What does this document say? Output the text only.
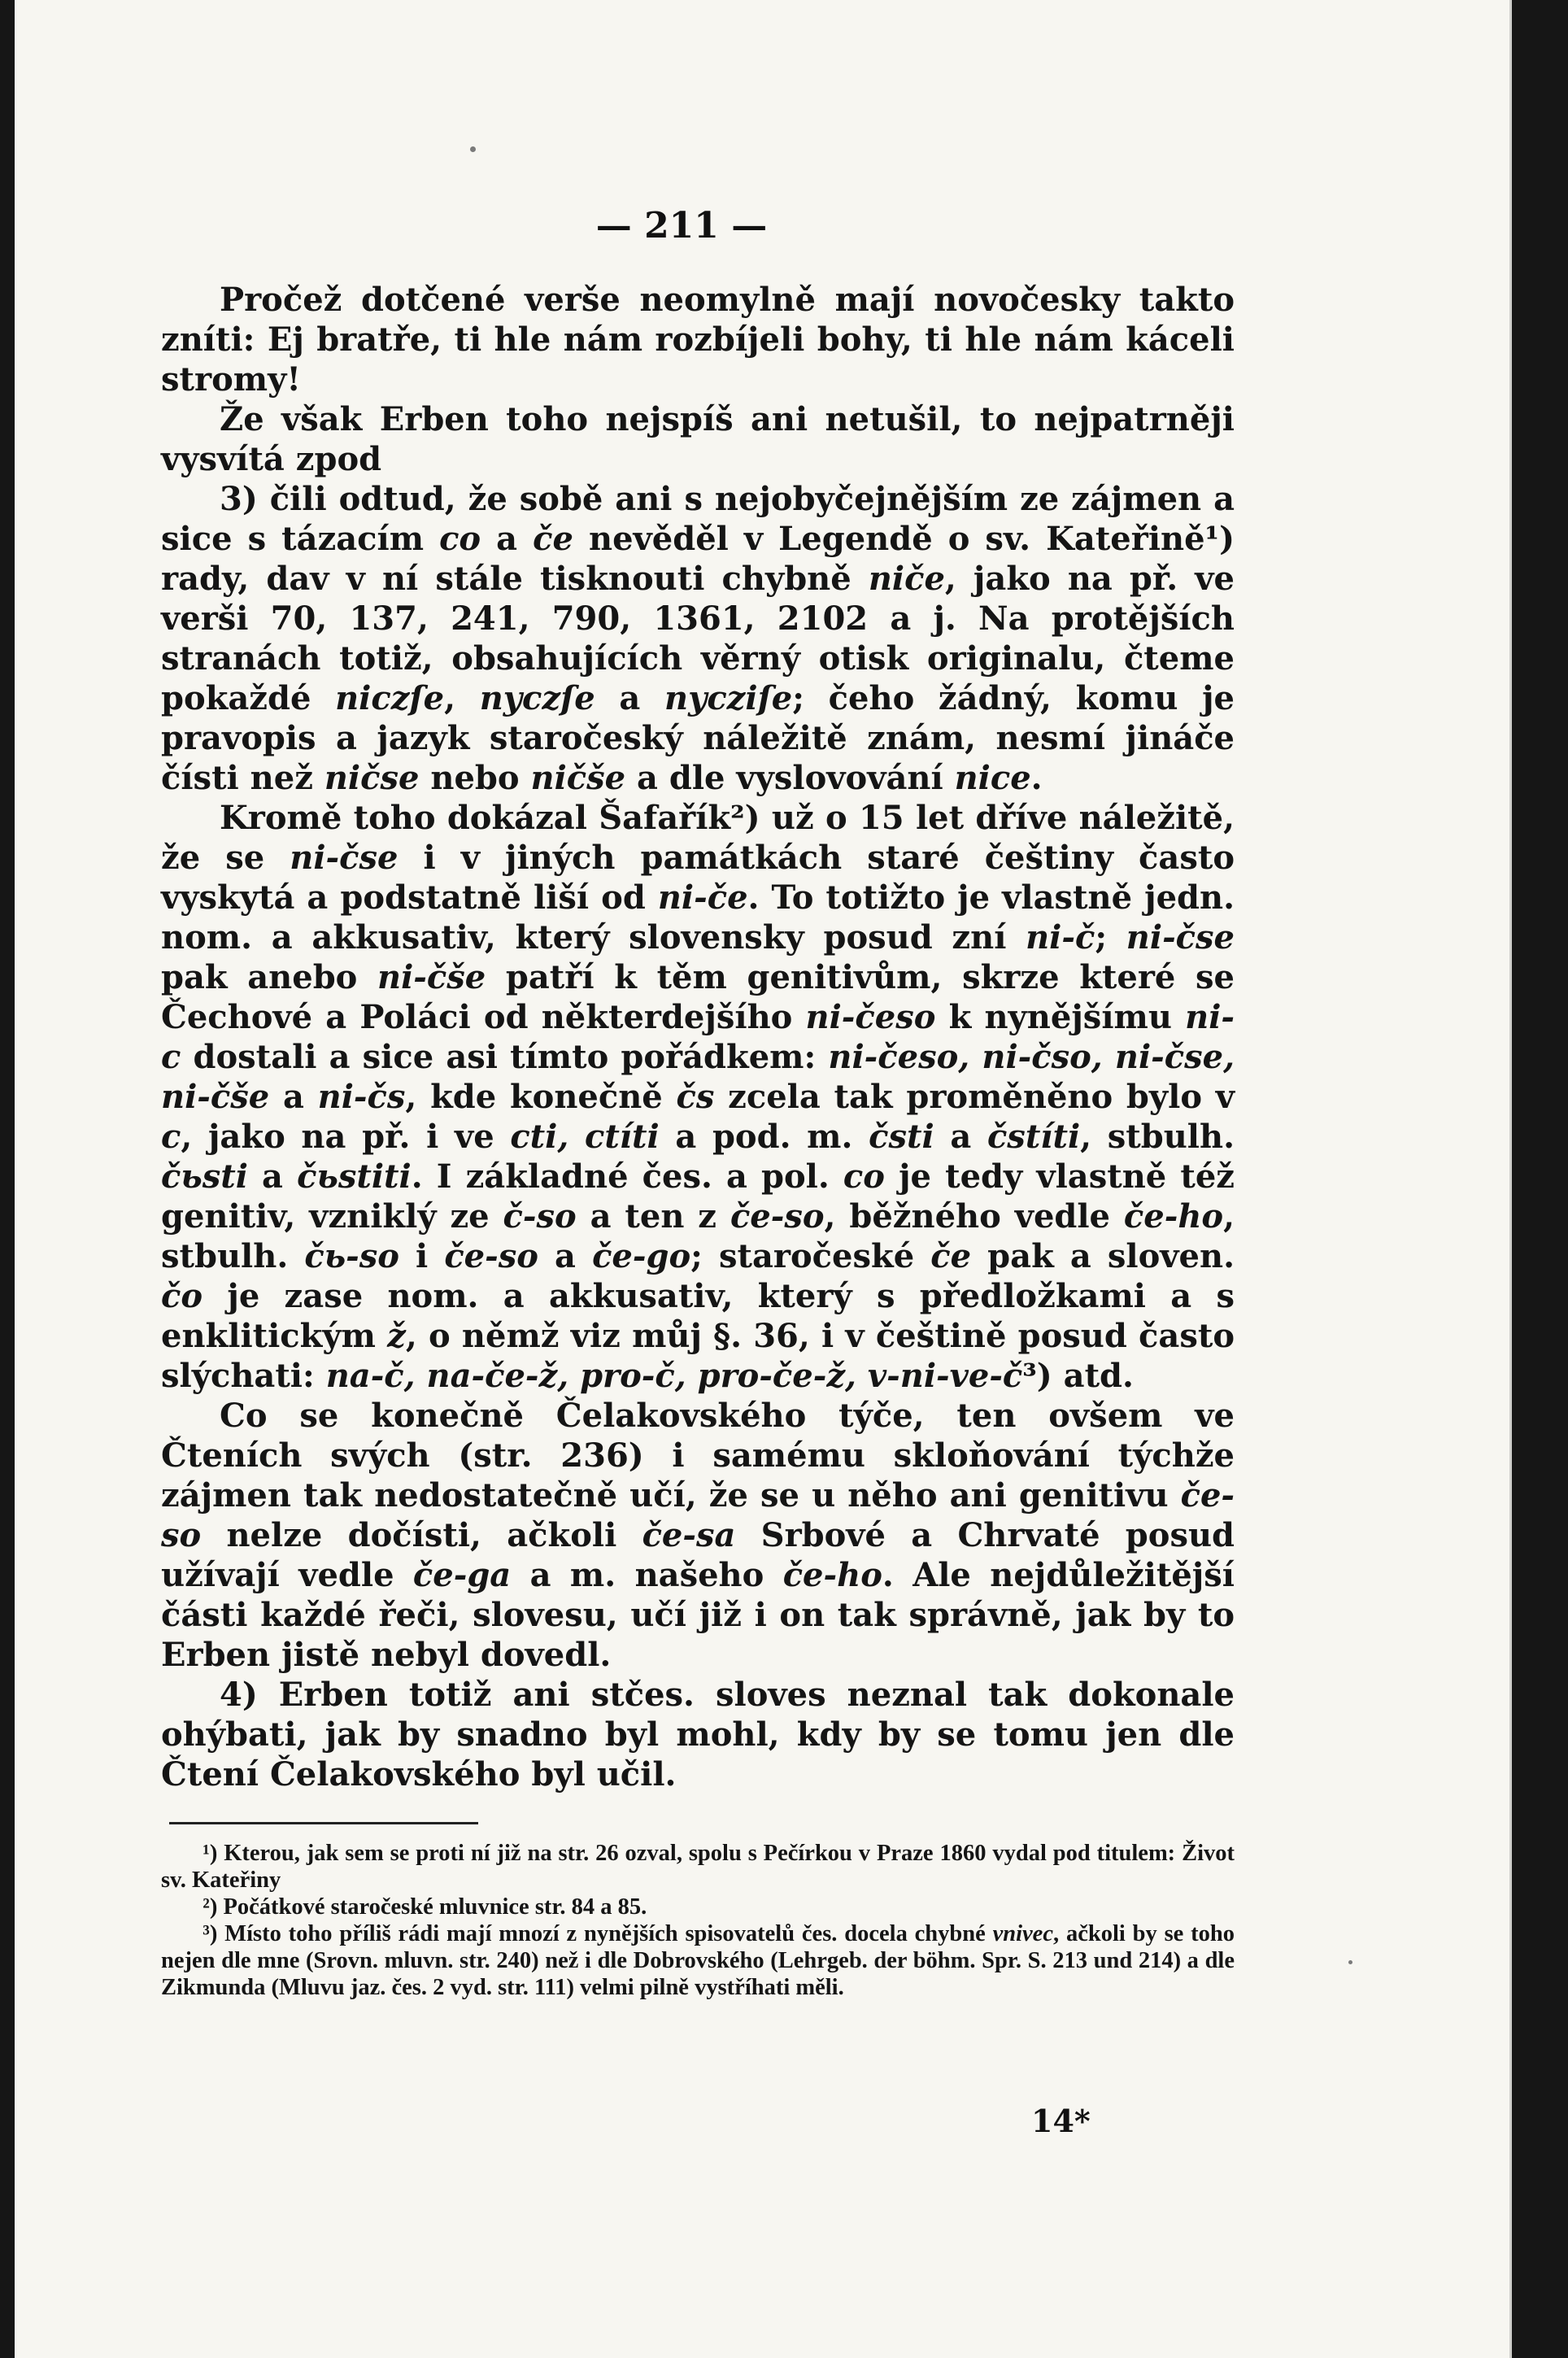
— 211 —

Pročež dotčené verše neomylně mají novočesky takto zníti: Ej bratře, ti hle nám rozbíjeli bohy, ti hle nám káceli stromy!

Že však Erben toho nejspíš ani netušil, to nejpatrněji vysvítá zpod

3) čili odtud, že sobě ani s nejobyčejnějším ze zájmen a sice s tázacím co a če nevěděl v Legendě o sv. Kateřině¹) rady, dav v ní stále tisknouti chybně niče, jako na př. ve verši 70, 137, 241, 790, 1361, 2102 a j. Na protějších stranách totiž, obsahujících věrný otisk originalu, čteme pokaždé niczſe, nyczſe a nycziſe; čeho žádný, komu je pravopis a jazyk staročeský náležitě znám, nesmí jináče čísti než ničse nebo ničše a dle vyslovování nice.

Kromě toho dokázal Šafařík²) už o 15 let dříve náležitě, že se ni-čse i v jiných památkách staré češtiny často vyskytá a podstatně liší od ni-če. To totižto je vlastně jedn. nom. a akkusativ, který slovensky posud zní ni-č; ni-čse pak anebo ni-čše patří k těm genitivům, skrze které se Čechové a Poláci od některdejšího ni-česo k nynějšímu ni-c dostali a sice asi tímto pořádkem: ni-česo, ni-čso, ni-čse, ni-čše a ni-čs, kde konečně čs zcela tak proměněno bylo v c, jako na př. i ve cti, ctíti a pod. m. čsti a čstíti, stbulh. čьsti a čьstiti. I základné čes. a pol. co je tedy vlastně též genitiv, vzniklý ze č-so a ten z če-so, běžného vedle če-ho, stbulh. čь-so i če-so a če-go; staročeské če pak a sloven. čo je zase nom. a akkusativ, který s předložkami a s enklitickým ž, o němž viz můj §. 36, i v češtině posud často slýchati: na-č, na-če-ž, pro-č, pro-če-ž, v-ni-ve-č³) atd.

Co se konečně Čelakovského týče, ten ovšem ve Čteních svých (str. 236) i samému skloňování týchže zájmen tak nedostatečně učí, že se u něho ani genitivu če-so nelze dočísti, ačkoli če-sa Srbové a Chrvaté posud užívají vedle če-ga a m. našeho če-ho. Ale nejdůležitější části každé řeči, slovesu, učí již i on tak správně, jak by to Erben jistě nebyl dovedl.

4) Erben totiž ani stčes. sloves neznal tak dokonale ohýbati, jak by snadno byl mohl, kdy by se tomu jen dle Čtení Čelakovského byl učil.

¹) Kterou, jak sem se proti ní již na str. 26 ozval, spolu s Pečírkou v Praze 1860 vydal pod titulem: Život sv. Kateřiny

²) Počátkové staročeské mluvnice str. 84 a 85.

³) Místo toho příliš rádi mají mnozí z nynějších spisovatelů čes. docela chybné vnivec, ačkoli by se toho nejen dle mne (Srovn. mluvn. str. 240) než i dle Dobrovského (Lehrgeb. der böhm. Spr. S. 213 und 214) a dle Zikmunda (Mluvu jaz. čes. 2 vyd. str. 111) velmi pilně vystříhati měli.

14*
